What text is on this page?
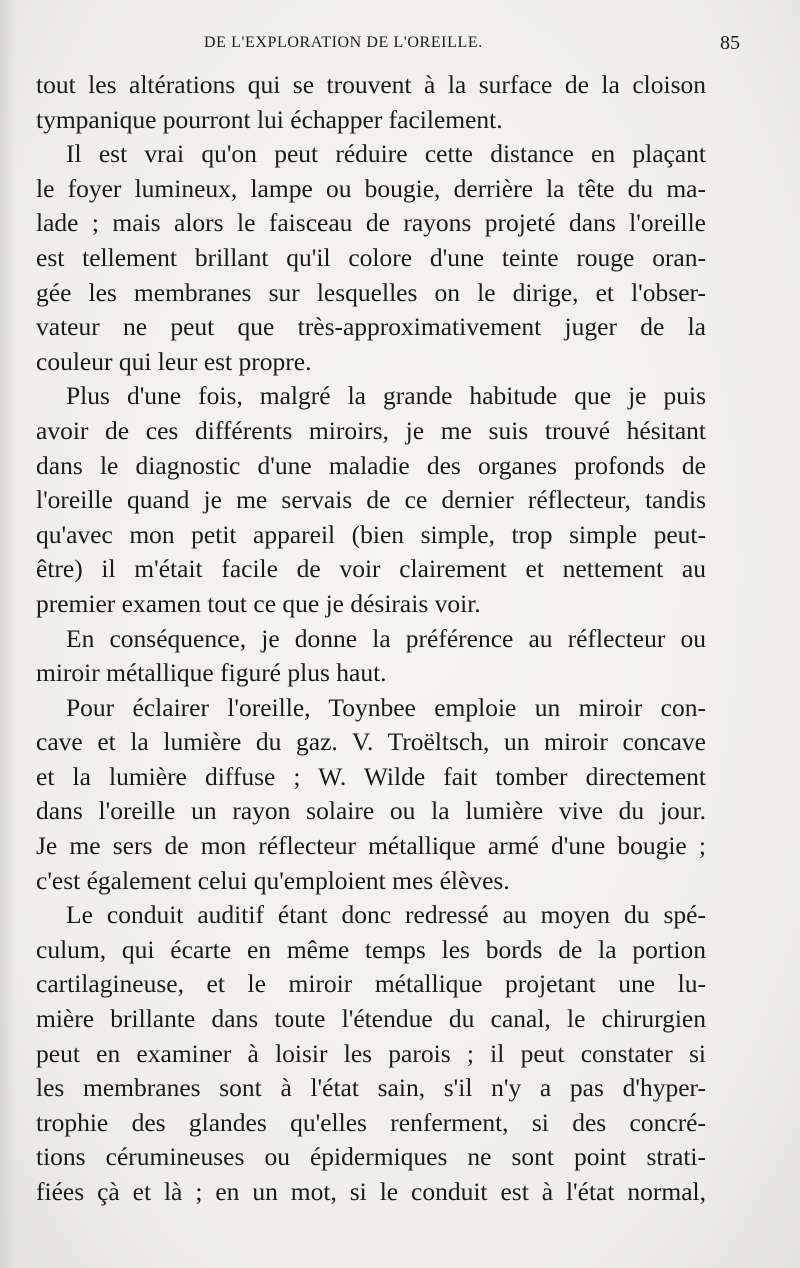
DE L'EXPLORATION DE L'OREILLE.	85
tout les altérations qui se trouvent à la surface de la cloison
tympanique pourront lui échapper facilement.
Il est vrai qu'on peut réduire cette distance en plaçant
le foyer lumineux, lampe ou bougie, derrière la tête du ma-
lade ; mais alors le faisceau de rayons projeté dans l'oreille
est tellement brillant qu'il colore d'une teinte rouge oran-
gée les membranes sur lesquelles on le dirige, et l'obser-
vateur ne peut que très-approximativement juger de la
couleur qui leur est propre.
Plus d'une fois, malgré la grande habitude que je puis
avoir de ces différents miroirs, je me suis trouvé hésitant
dans le diagnostic d'une maladie des organes profonds de
l'oreille quand je me servais de ce dernier réflecteur, tandis
qu'avec mon petit appareil (bien simple, trop simple peut-
être) il m'était facile de voir clairement et nettement au
premier examen tout ce que je désirais voir.
En conséquence, je donne la préférence au réflecteur ou
miroir métallique figuré plus haut.
Pour éclairer l'oreille, Toynbee emploie un miroir con-
cave et la lumière du gaz. V. Troëltsch, un miroir concave
et la lumière diffuse ; W. Wilde fait tomber directement
dans l'oreille un rayon solaire ou la lumière vive du jour.
Je me sers de mon réflecteur métallique armé d'une bougie ;
c'est également celui qu'emploient mes élèves.
Le conduit auditif étant donc redressé au moyen du spé-
culum, qui écarte en même temps les bords de la portion
cartilagineuse, et le miroir métallique projetant une lu-
mière brillante dans toute l'étendue du canal, le chirurgien
peut en examiner à loisir les parois ; il peut constater si
les membranes sont à l'état sain, s'il n'y a pas d'hyper-
trophie des glandes qu'elles renferment, si des concré-
tions cérumineuses ou épidermiques ne sont point strati-
fiées çà et là ; en un mot, si le conduit est à l'état normal,
